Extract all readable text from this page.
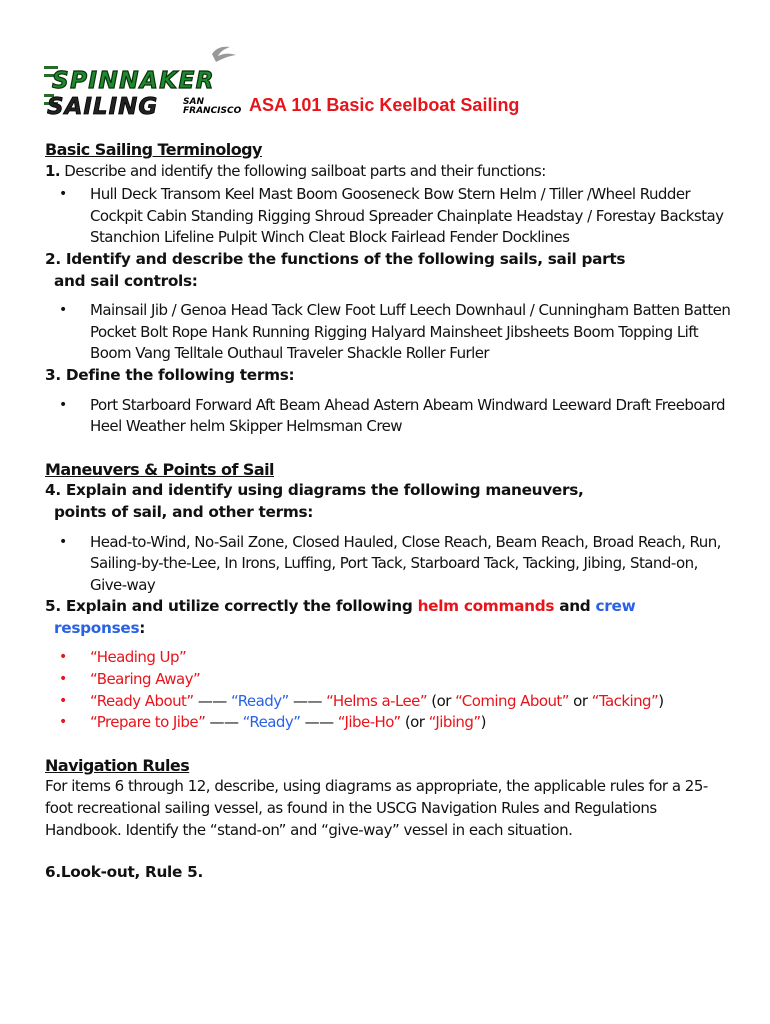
SPINNAKER
SAILING	SAN
FRANCISCO ASA 101 Basic Keelboat Sailing
Basic Sailing Terminology
1. Describe and identify the following sailboat parts and their functions:
• Hull Deck Transom Keel Mast Boom Gooseneck Bow Stern Helm / Tiller /Wheel Rudder Cockpit Cabin Standing Rigging Shroud Spreader Chainplate Headstay / Forestay Backstay Stanchion Lifeline Pulpit Winch Cleat Block Fairlead Fender Docklines
2. Identify and describe the functions of the following sails, sail parts
and sail controls:
• Mainsail Jib / Genoa Head Tack Clew Foot Luff Leech Downhaul / Cunningham Batten Batten Pocket Bolt Rope Hank Running Rigging Halyard Mainsheet Jibsheets Boom Topping Lift Boom Vang Telltale Outhaul Traveler Shackle Roller Furler
3. Define the following terms:
• Port Starboard Forward Aft Beam Ahead Astern Abeam Windward Leeward Draft Freeboard Heel Weather helm Skipper Helmsman Crew
Maneuvers & Points of Sail
4. Explain and identify using diagrams the following maneuvers,
points of sail, and other terms:
• Head-to-Wind, No-Sail Zone, Closed Hauled, Close Reach, Beam Reach, Broad Reach, Run, Sailing-by-the-Lee, In Irons, Luffing, Port Tack, Starboard Tack, Tacking, Jibing, Stand-on, Give-way
5. Explain and utilize correctly the following helm commands and crew
responses:
• “Heading Up”
• “Bearing Away”
• “Ready About” —— “Ready” —— “Helms a-Lee” (or “Coming About” or “Tacking”)
• “Prepare to Jibe” —— “Ready” —— “Jibe-Ho” (or “Jibing”)
Navigation Rules
For items 6 through 12, describe, using diagrams as appropriate, the applicable rules for a 25-foot recreational sailing vessel, as found in the USCG Navigation Rules and Regulations Handbook. Identify the “stand-on” and “give-way” vessel in each situation.
6.Look-out, Rule 5.
